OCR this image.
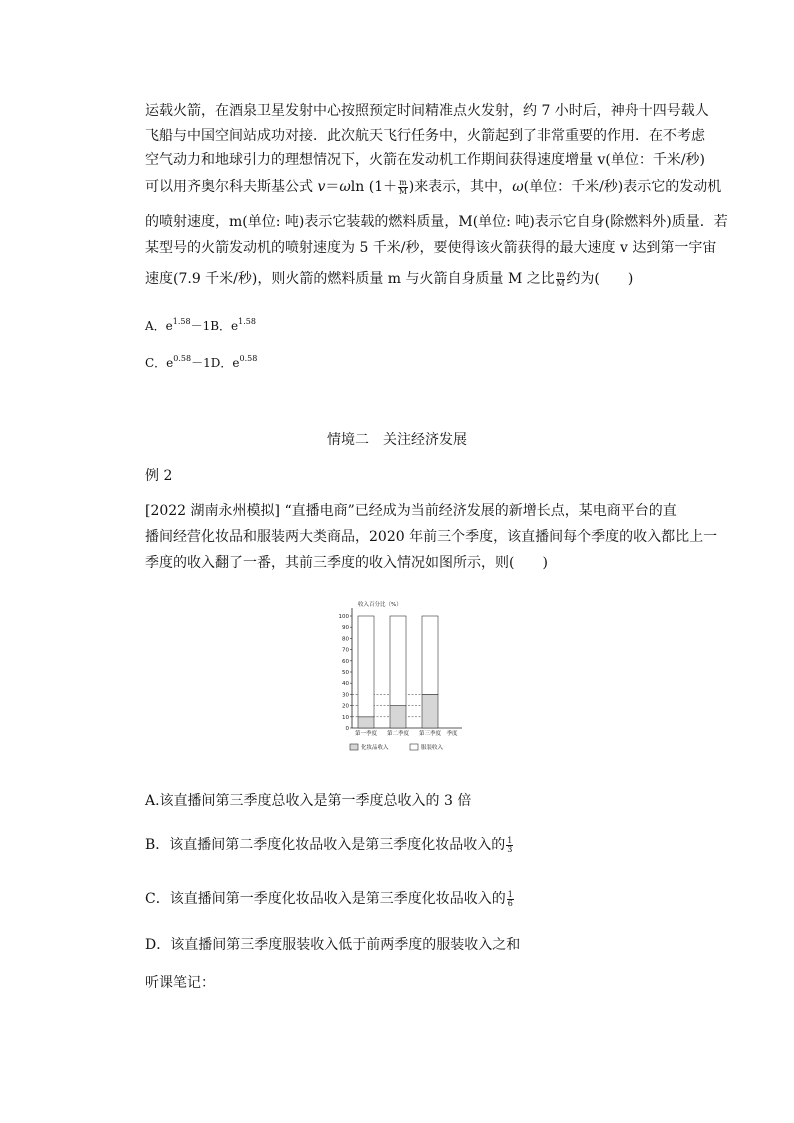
运载火箭，在酒泉卫星发射中心按照预定时间精准点火发射，约 7 小时后，神舟十四号载人
飞船与中国空间站成功对接．此次航天飞行任务中，火箭起到了非常重要的作用．在不考虑
空气动力和地球引力的理想情况下，火箭在发动机工作期间获得速度增量 v(单位：千米/秒)
可以用齐奥尔科夫斯基公式 v＝ωln ($1+ \frac{m}{M}$ )来表示，其中，ω(单位：千米/秒)表示它的发动机
的喷射速度，m(单位: 吨)表示它装载的燃料质量，M(单位: 吨)表示它自身(除燃料外)质量．若
某型号的火箭发动机的喷射速度为 5 千米/秒，要使得该火箭获得的最大速度 v 达到第一宇宙
速度(7.9 千米/秒)，则火箭的燃料质量 m 与火箭自身质量 M 之比 $\frac{m}{M}$ 约为(　　)
A．$e^{1.58}-1B$．$e^{1.58}$
C．$e^{0.58}-1D$．$e^{0.58}$
情境二　关注经济发展
例 2
[2022 湖南永州模拟] “直播电商”已经成为当前经济发展的新增长点，某电商平台的直
播间经营化妆品和服装两大类商品，2020 年前三个季度，该直播间每个季度的收入都比上一
季度的收入翻了一番，其前三季度的收入情况如图所示，则(　　)
收入百分比（%）
0
10
20
30
40
50
60
70
80
90
100
第一季度 第二季度 第三季度 季度
化妆品收入	服装收入
A.该直播间第三季度总收入是第一季度总收入的 3 倍
B．该直播间第二季度化妆品收入是第三季度化妆品收入的 $\frac{1}{3}$
C．该直播间第一季度化妆品收入是第三季度化妆品收入的 $\frac{1}{6}$
D．该直播间第三季度服装收入低于前两季度的服装收入之和
听课笔记：
